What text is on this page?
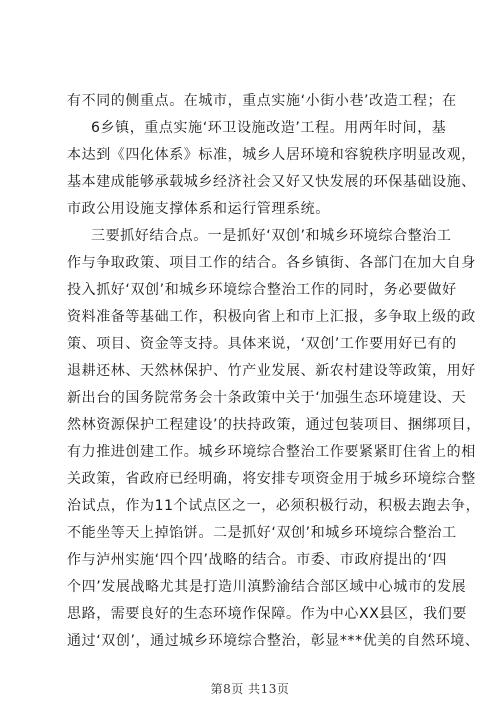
有不同的侧重点。在城市，重点实施‘小街小巷’改造工程；在
6乡镇，重点实施‘环卫设施改造’工程。用两年时间，基
本达到《四化体系》标准，城乡人居环境和容貌秩序明显改观，
基本建成能够承载城乡经济社会又好又快发展的环保基础设施、
市政公用设施支撑体系和运行管理系统。
三要抓好结合点。一是抓好‘双创’和城乡环境综合整治工
作与争取政策、项目工作的结合。各乡镇街、各部门在加大自身
投入抓好‘双创’和城乡环境综合整治工作的同时，务必要做好
资料准备等基础工作，积极向省上和市上汇报，多争取上级的政
策、项目、资金等支持。具体来说，‘双创’工作要用好已有的
退耕还林、天然林保护、竹产业发展、新农村建设等政策，用好
新出台的国务院常务会十条政策中关于‘加强生态环境建设、天
然林资源保护工程建设’的扶持政策，通过包装项目、捆绑项目，
有力推进创建工作。城乡环境综合整治工作要紧紧盯住省上的相
关政策，省政府已经明确，将安排专项资金用于城乡环境综合整
治试点，作为11个试点区之一，必须积极行动，积极去跑去争，
不能坐等天上掉馅饼。二是抓好‘双创’和城乡环境综合整治工
作与泸州实施‘四个四’战略的结合。市委、市政府提出的‘四
个四’发展战略尤其是打造川滇黔渝结合部区域中心城市的发展
思路，需要良好的生态环境作保障。作为中心XX县区，我们要
通过‘双创’，通过城乡环境综合整治，彰显***优美的自然环境、
第8页 共13页
